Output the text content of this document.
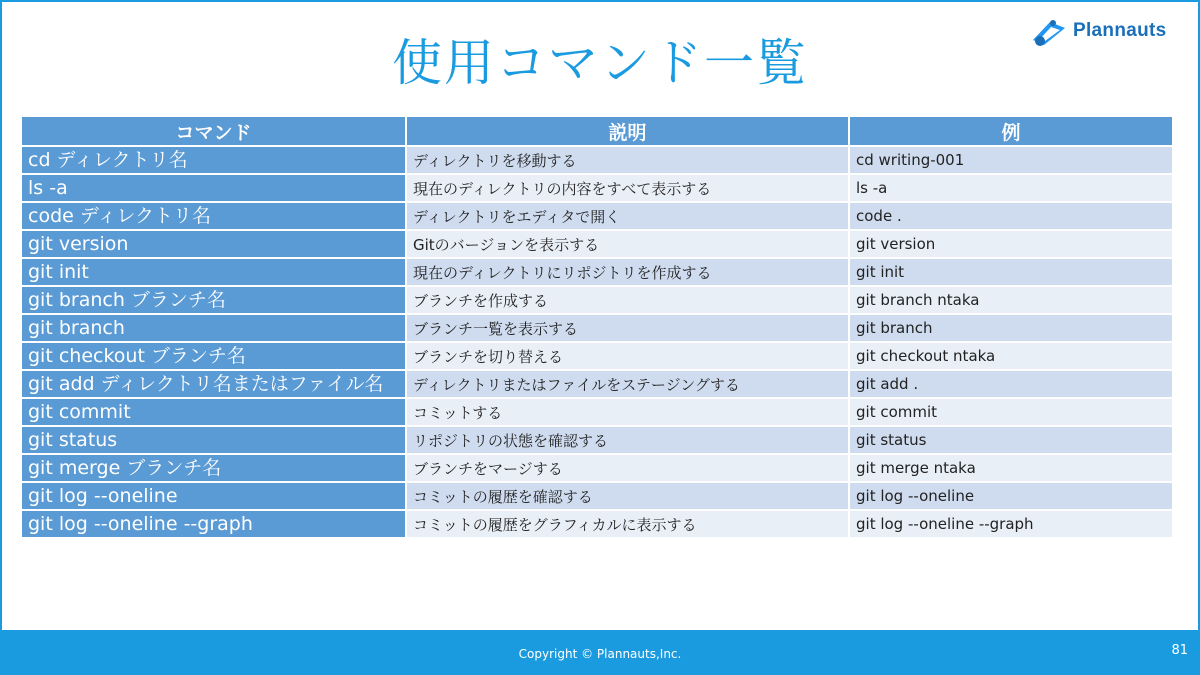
使用コマンド一覧
Plannauts
コマンド	説明	例
cd ディレクトリ名	ディレクトリを移動する	cd writing-001
ls -a	現在のディレクトリの内容をすべて表示する	ls -a
code ディレクトリ名	ディレクトリをエディタで開く	code .
git version	Gitのバージョンを表示する	git version
git init	現在のディレクトリにリポジトリを作成する	git init
git branch ブランチ名	ブランチを作成する	git branch ntaka
git branch	ブランチ一覧を表示する	git branch
git checkout ブランチ名	ブランチを切り替える	git checkout ntaka
git add ディレクトリ名またはファイル名	ディレクトリまたはファイルをステージングする	git add .
git commit	コミットする	git commit
git status	リポジトリの状態を確認する	git status
git merge ブランチ名	ブランチをマージする	git merge ntaka
git log --oneline	コミットの履歴を確認する	git log --oneline
git log --oneline --graph	コミットの履歴をグラフィカルに表示する	git log --oneline --graph
Copyright © Plannauts,Inc.	81
